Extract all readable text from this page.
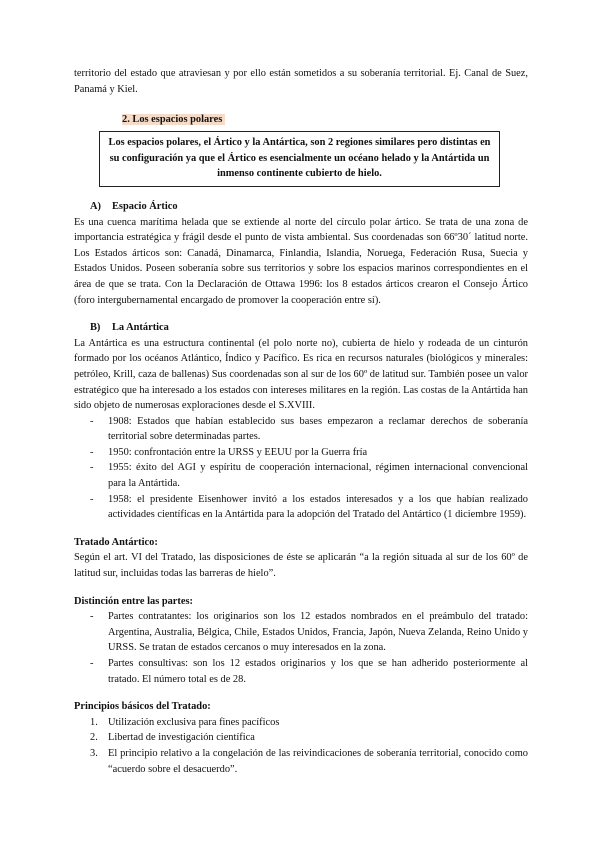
territorio del estado que atraviesan y por ello están sometidos a su soberanía territorial. Ej. Canal de Suez, Panamá y Kiel.

2. Los espacios polares
Los espacios polares, el Ártico y la Antártica, son 2 regiones similares pero distintas en su configuración ya que el Ártico es esencialmente un océano helado y la Antártida un inmenso continente cubierto de hielo.
A) Espacio Ártico

Es una cuenca marítima helada que se extiende al norte del círculo polar ártico. Se trata de una zona de importancia estratégica y frágil desde el punto de vista ambiental. Sus coordenadas son 66º30´ latitud norte. Los Estados árticos son: Canadá, Dinamarca, Finlandia, Islandia, Noruega, Federación Rusa, Suecia y Estados Unidos. Poseen soberanía sobre sus territorios y sobre los espacios marinos correspondientes en el área de que se trata. Con la Declaración de Ottawa 1996: los 8 estados árticos crearon el Consejo Ártico (foro intergubernamental encargado de promover la cooperación entre sí).

B) La Antártica

La Antártica es una estructura continental (el polo norte no), cubierta de hielo y rodeada de un cinturón formado por los océanos Atlántico, Índico y Pacífico. Es rica en recursos naturales (biológicos y minerales: petróleo, Krill, caza de ballenas) Sus coordenadas son al sur de los 60º de latitud sur. También posee un valor estratégico que ha interesado a los estados con intereses militares en la región. Las costas de la Antártida han sido objeto de numerosas exploraciones desde el S.XVIII.

- 1908: Estados que habían establecido sus bases empezaron a reclamar derechos de soberanía territorial sobre determinadas partes.
- 1950: confrontación entre la URSS y EEUU por la Guerra fría
- 1955: éxito del AGI y espíritu de cooperación internacional, régimen internacional convencional para la Antártida.
- 1958: el presidente Eisenhower invitó a los estados interesados y a los que habían realizado actividades científicas en la Antártida para la adopción del Tratado del Antártico (1 diciembre 1959).
Tratado Antártico:

Según el art. VI del Tratado, las disposiciones de éste se aplicarán “a la región situada al sur de los 60º de latitud sur, incluidas todas las barreras de hielo”.

Distinción entre las partes:
- Partes contratantes: los originarios son los 12 estados nombrados en el preámbulo del tratado: Argentina, Australia, Bélgica, Chile, Estados Unidos, Francia, Japón, Nueva Zelanda, Reino Unido y URSS. Se tratan de estados cercanos o muy interesados en la zona.
- Partes consultivas: son los 12 estados originarios y los que se han adherido posteriormente al tratado. El número total es de 28.
Principios básicos del Tratado:
1. Utilización exclusiva para fines pacíficos
2. Libertad de investigación científica
3. El principio relativo a la congelación de las reivindicaciones de soberanía territorial, conocido como “acuerdo sobre el desacuerdo”.
